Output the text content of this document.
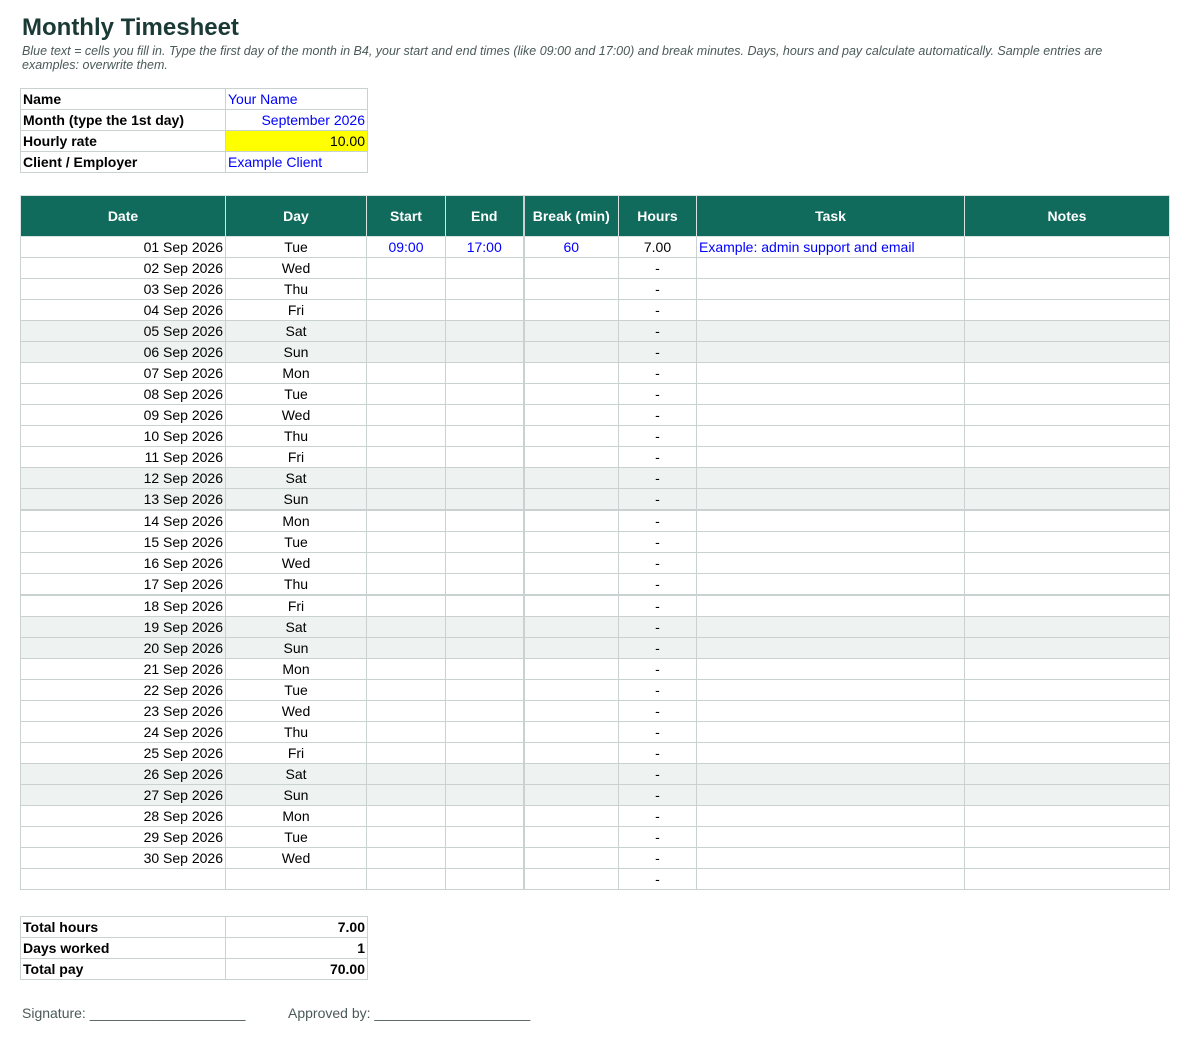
Monthly Timesheet
Blue text = cells you fill in. Type the first day of the month in B4, your start and end times (like 09:00 and 17:00) and break minutes. Days, hours and pay calculate automatically. Sample entries are examples: overwrite them.
Name	Your Name
Month (type the 1st day)	September 2026
Hourly rate	10.00
Client / Employer	Example Client
Date	Day	Start	End	Break (min)	Hours	Task	Notes
01 Sep 2026	Tue	09:00	17:00	60	7.00	Example: admin support and email	
02 Sep 2026	Wed				-		
03 Sep 2026	Thu				-		
04 Sep 2026	Fri				-		
05 Sep 2026	Sat				-		
06 Sep 2026	Sun				-		
07 Sep 2026	Mon				-		
08 Sep 2026	Tue				-		
09 Sep 2026	Wed				-		
10 Sep 2026	Thu				-		
11 Sep 2026	Fri				-		
12 Sep 2026	Sat				-		
13 Sep 2026	Sun				-		
14 Sep 2026	Mon				-		
15 Sep 2026	Tue				-		
16 Sep 2026	Wed				-		
17 Sep 2026	Thu				-		
18 Sep 2026	Fri				-		
19 Sep 2026	Sat				-		
20 Sep 2026	Sun				-		
21 Sep 2026	Mon				-		
22 Sep 2026	Tue				-		
23 Sep 2026	Wed				-		
24 Sep 2026	Thu				-		
25 Sep 2026	Fri				-		
26 Sep 2026	Sat				-		
27 Sep 2026	Sun				-		
28 Sep 2026	Mon				-		
29 Sep 2026	Tue				-		
30 Sep 2026	Wed				-		
					-		
Total hours	7.00
Days worked	1
Total pay	70.00
Signature: ____________________	Approved by: ____________________
